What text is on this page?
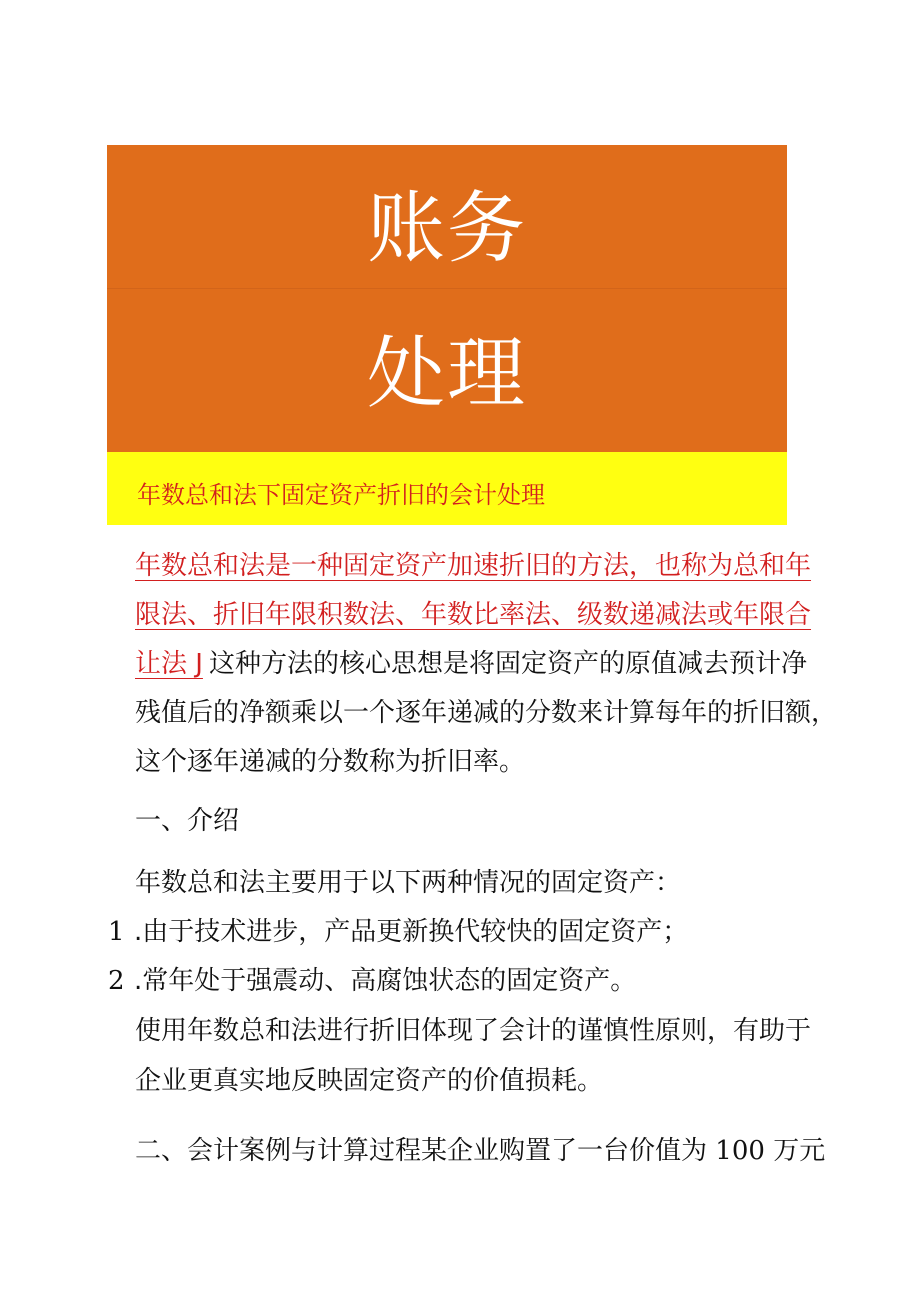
账务
处理
年数总和法下固定资产折旧的会计处理
年数总和法是一种固定资产加速折旧的方法，也称为总和年
限法、折旧年限积数法、年数比率法、级数递减法或年限合
让法 J 这种方法的核心思想是将固定资产的原值减去预计净
残值后的净额乘以一个逐年递减的分数来计算每年的折旧额，
这个逐年递减的分数称为折旧率。
一、介绍
年数总和法主要用于以下两种情况的固定资产：
1 .由于技术进步，产品更新换代较快的固定资产；
2 .常年处于强震动、高腐蚀状态的固定资产。
使用年数总和法进行折旧体现了会计的谨慎性原则，有助于
企业更真实地反映固定资产的价值损耗。
二、会计案例与计算过程某企业购置了一台价值为 100 万元
